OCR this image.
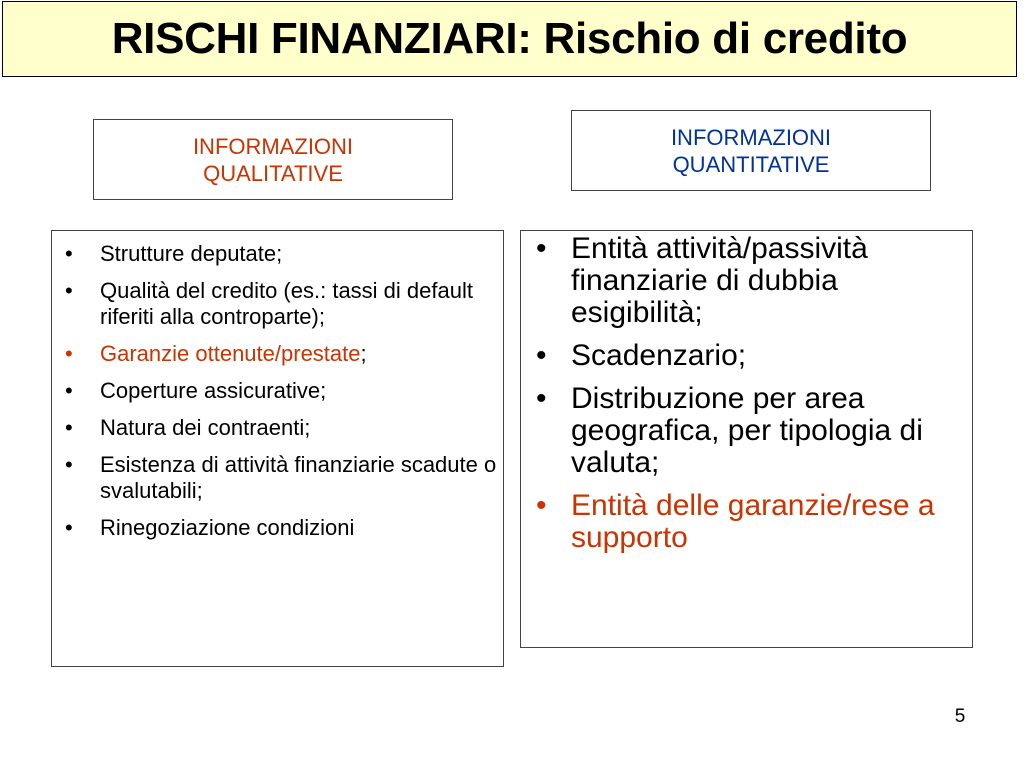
RISCHI FINANZIARI: Rischio di credito
INFORMAZIONI
QUALITATIVE
INFORMAZIONI
QUANTITATIVE
• Strutture deputate;
• Qualità del credito (es.: tassi di default riferiti alla controparte);
• Garanzie ottenute/prestate;
• Coperture assicurative;
• Natura dei contraenti;
• Esistenza di attività finanziarie scadute o svalutabili;
• Rinegoziazione condizioni
• Entità attività/passività finanziarie di dubbia esigibilità;
• Scadenzario;
• Distribuzione per area geografica, per tipologia di valuta;
• Entità delle garanzie/rese a supporto
5
